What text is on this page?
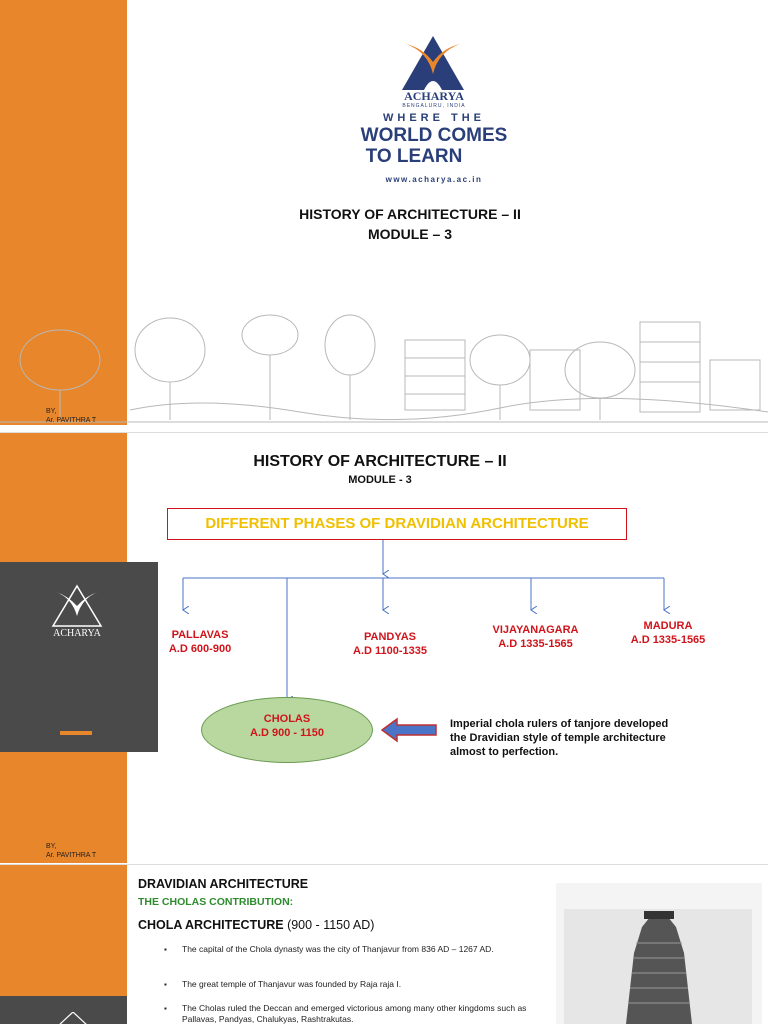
ACHARYA
BENGALURU, INDIA
WHERE THE
WORLD COMES
TO LEARN
www.acharya.ac.in
HISTORY OF ARCHITECTURE – II
MODULE – 3
BY,
Ar. PAVITHRA T
ACHARYA
HISTORY OF ARCHITECTURE – II
MODULE - 3
DIFFERENT PHASES OF DRAVIDIAN ARCHITECTURE
PALLAVAS
A.D 600-900
PANDYAS
A.D 1100-1335
VIJAYANAGARA
A.D 1335-1565
MADURA
A.D 1335-1565
CHOLAS
A.D 900 - 1150
Imperial chola rulers of tanjore developed the Dravidian style of temple architecture almost to perfection.
BY,
Ar. PAVITHRA T
DRAVIDIAN ARCHITECTURE
THE CHOLAS CONTRIBUTION:
CHOLA ARCHITECTURE (900 - 1150 AD)
▪ The capital of the Chola dynasty was the city of Thanjavur from 836 AD – 1267 AD.
▪ The great temple of Thanjavur was founded by Raja raja I.
▪ The Cholas ruled the Deccan and emerged victorious among many other kingdoms such as Pallavas, Pandyas, Chalukyas, Rashtrakutas.
